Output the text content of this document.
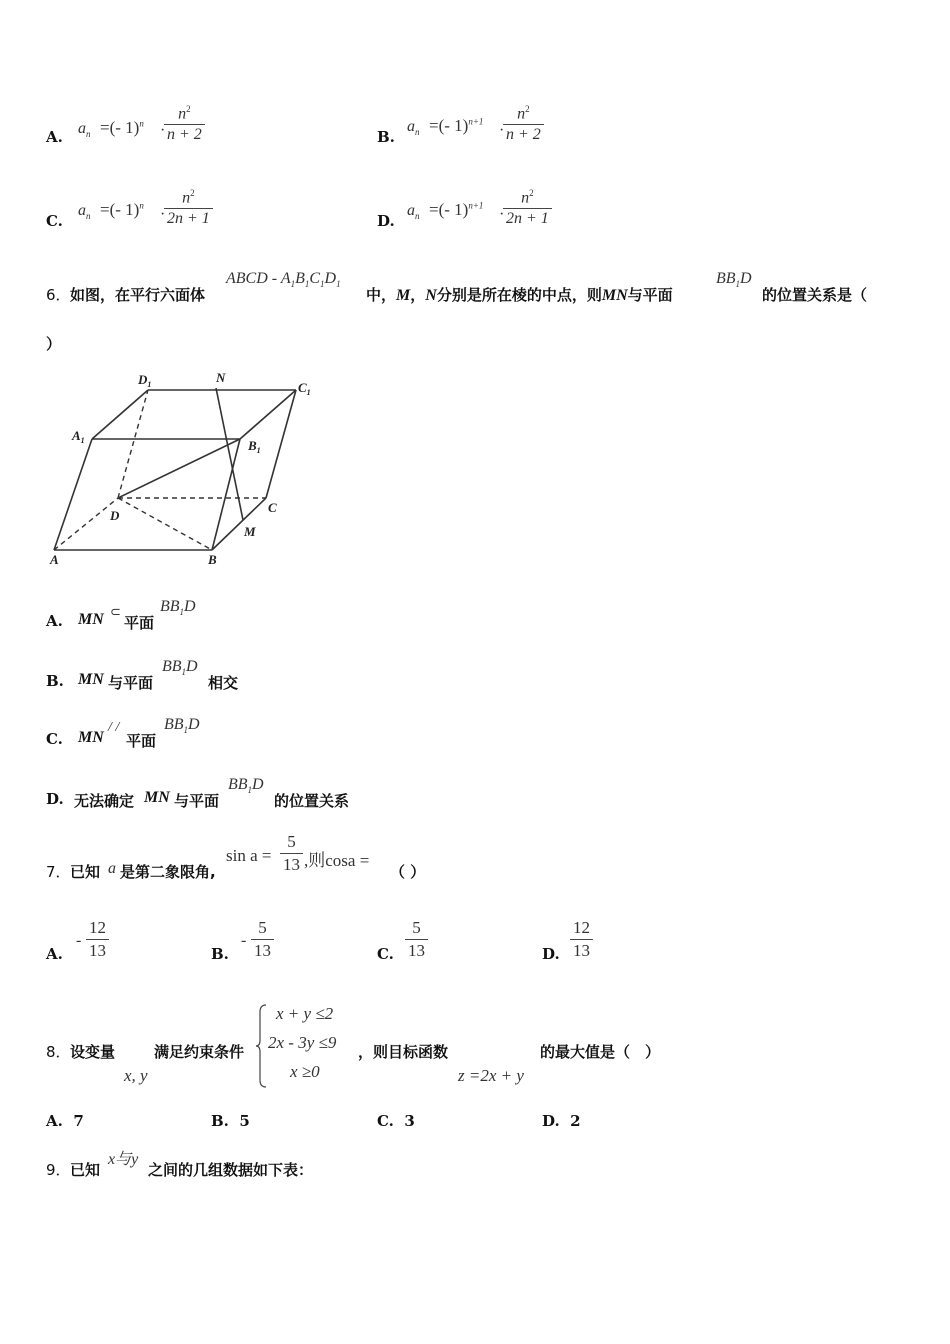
A. $a_n$ =(- 1)$^n$ ·
$\frac{n^2}{n + 2}$	B.
$a_n$ =(- 1)$^{n+1}$
·
$\frac{n^2}{n + 2}$
C.
$a_n$ =(- 1)$^n$
·
$\frac{n^2}{2n + 1}$	D.
$a_n$ =(- 1)$^{n+1}$
·
$\frac{n^2}{2n + 1}$
6． 如图，在平行六面体
ABCD - $A_1B_1C_1D_1$
中，M，N分别是所在棱的中点，则MN与平面
$BB_1D$
的位置关系是（
）
$D_1$	N
$C_1$
$A_1$	$B_1$
C
D
M
A	B
A. MN ⊂
平面
$BB_1D$
B. MN 与平面
$BB_1D$
相交
C. MN
/ /
平面
$BB_1D$
D. 无法确定 MN 与平面
$BB_1D$
的位置关系
7． 已知 a 是第二象限角,
$\sin a = \frac{5}{13}$ ,则cosa =
（ ）
A.
- $\frac{12}{13}$	B.
- $\frac{5}{13}$	C. $\frac{5}{13}$	D. $\frac{12}{13}$
8． 设变量
x, y
满足约束条件
x + y ≤2
2x - 3y ≤9
x ≥0
，则目标函数
z =2x + y
的最大值是（　）
A. 7	B. 5	C. 3	D. 2
9． 已知
x与y
之间的几组数据如下表：
